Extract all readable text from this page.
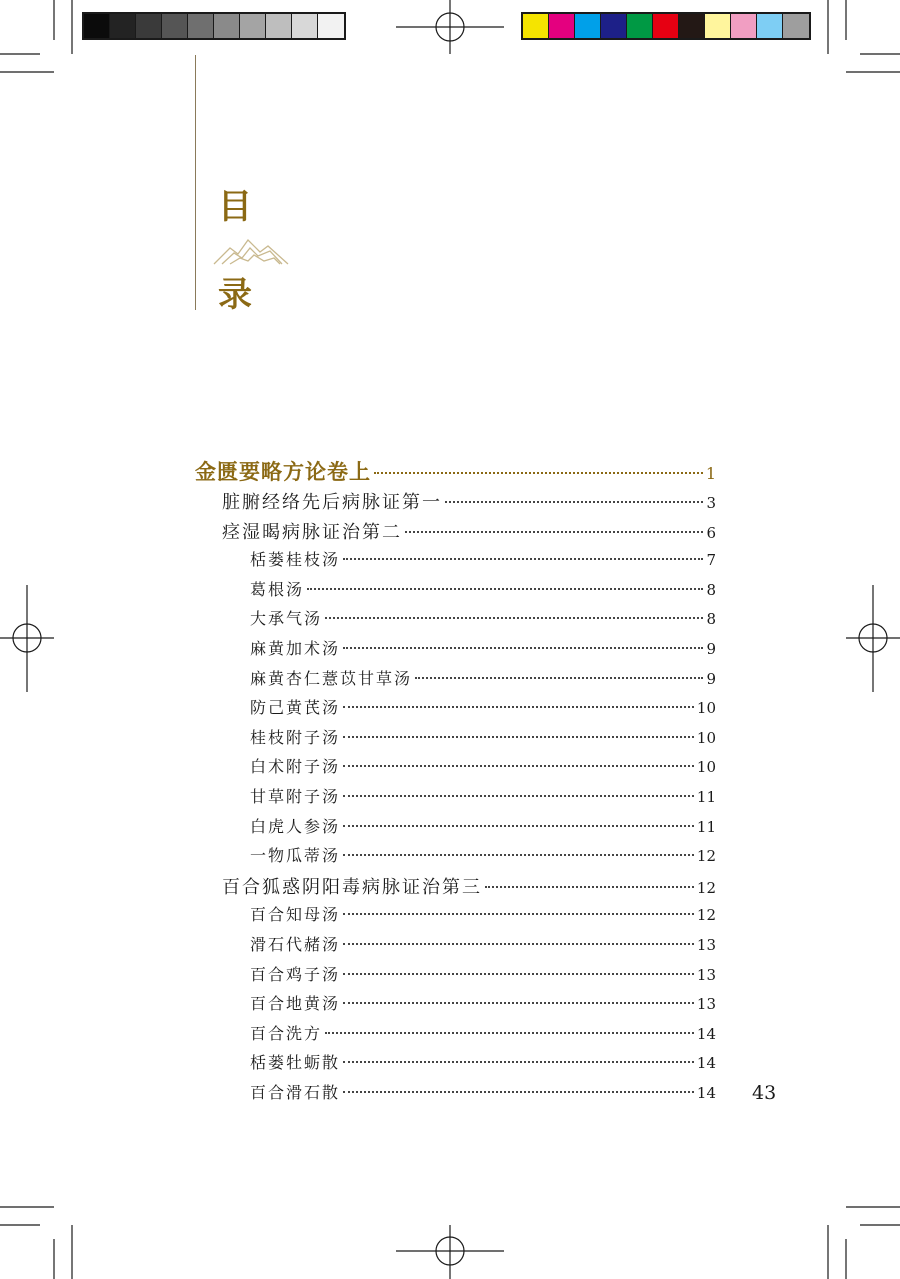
目
录
金匮要略方论卷上	1
脏腑经络先后病脉证第一	3
痉湿暍病脉证治第二	6
栝蒌桂枝汤	7
葛根汤	8
大承气汤	8
麻黄加术汤	9
麻黄杏仁薏苡甘草汤	9
防己黄芪汤	10
桂枝附子汤	10
白术附子汤	10
甘草附子汤	11
白虎人参汤	11
一物瓜蒂汤	12
百合狐惑阴阳毒病脉证治第三	12
百合知母汤	12
滑石代赭汤	13
百合鸡子汤	13
百合地黄汤	13
百合洗方	14
栝蒌牡蛎散	14
百合滑石散	14 43
